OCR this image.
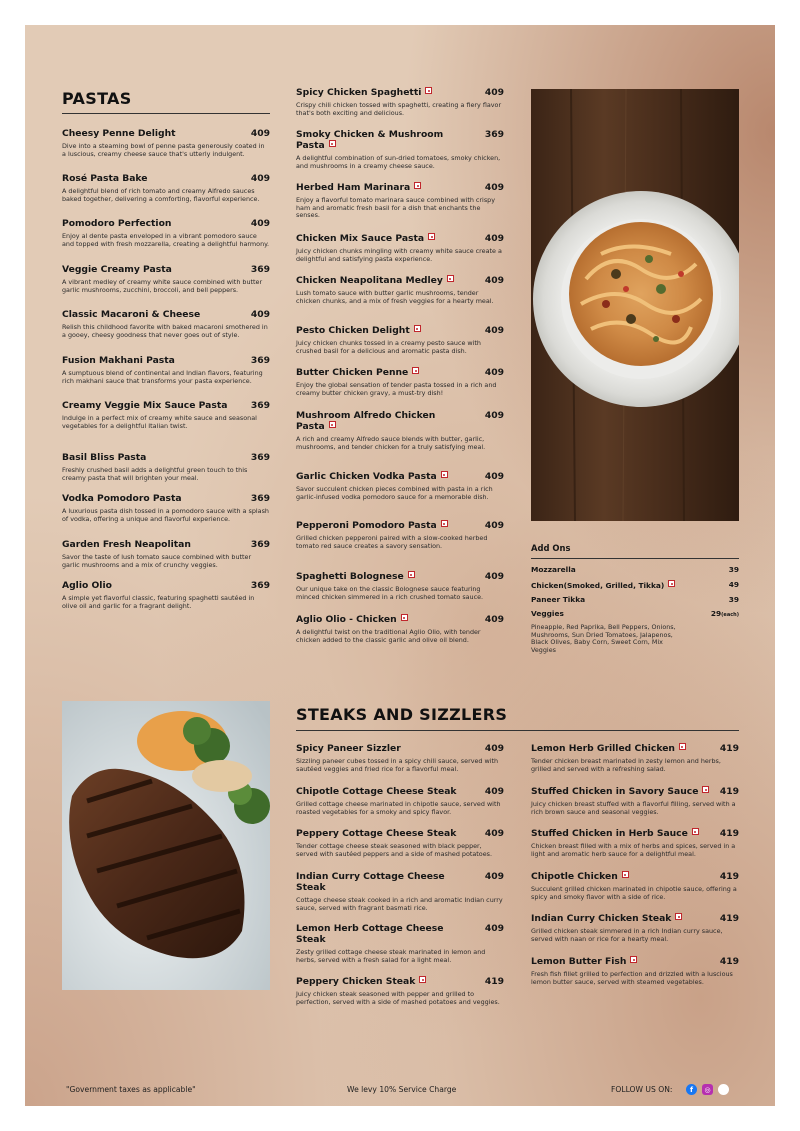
PASTAS
Cheesy Penne Delight	409
Dive into a steaming bowl of penne pasta generously coated in a luscious, creamy cheese sauce that's utterly indulgent.
Rosé Pasta Bake	409
A delightful blend of rich tomato and creamy Alfredo sauces baked together, delivering a comforting, flavorful experience.
Pomodoro Perfection	409
Enjoy al dente pasta enveloped in a vibrant pomodoro sauce and topped with fresh mozzarella, creating a delightful harmony.
Veggie Creamy Pasta	369
A vibrant medley of creamy white sauce combined with butter garlic mushrooms, zucchini, broccoli, and bell peppers.
Classic Macaroni & Cheese	409
Relish this childhood favorite with baked macaroni smothered in a gooey, cheesy goodness that never goes out of style.
Fusion Makhani Pasta	369
A sumptuous blend of continental and Indian flavors, featuring rich makhani sauce that transforms your pasta experience.
Creamy Veggie Mix Sauce Pasta	369
Indulge in a perfect mix of creamy white sauce and seasonal vegetables for a delightful Italian twist.
Basil Bliss Pasta	369
Freshly crushed basil adds a delightful green touch to this creamy pasta that will brighten your meal.
Vodka Pomodoro Pasta	369
A luxurious pasta dish tossed in a pomodoro sauce with a splash of vodka, offering a unique and flavorful experience.
Garden Fresh Neapolitan	369
Savor the taste of lush tomato sauce combined with butter garlic mushrooms and a mix of crunchy veggies.
Aglio Olio	369
A simple yet flavorful classic, featuring spaghetti sautéed in olive oil and garlic for a fragrant delight.
Spicy Chicken Spaghetti	409
Crispy chili chicken tossed with spaghetti, creating a fiery flavor that's both exciting and delicious.
Smoky Chicken & Mushroom Pasta
369
A delightful combination of sun-dried tomatoes, smoky chicken, and mushrooms in a creamy cheese sauce.
Herbed Ham Marinara	409
Enjoy a flavorful tomato marinara sauce combined with crispy ham and aromatic fresh basil for a dish that enchants the senses.
Chicken Mix Sauce Pasta	409
Juicy chicken chunks mingling with creamy white sauce create a delightful and satisfying pasta experience.
Chicken Neapolitana Medley	409
Lush tomato sauce with butter garlic mushrooms, tender chicken chunks, and a mix of fresh veggies for a hearty meal.
Pesto Chicken Delight	409
Juicy chicken chunks tossed in a creamy pesto sauce with crushed basil for a delicious and aromatic pasta dish.
Butter Chicken Penne	409
Enjoy the global sensation of tender pasta tossed in a rich and creamy butter chicken gravy, a must-try dish!
Mushroom Alfredo Chicken Pasta
409
A rich and creamy Alfredo sauce blends with butter, garlic, mushrooms, and tender chicken for a truly satisfying meal.
Garlic Chicken Vodka Pasta	409
Savor succulent chicken pieces combined with pasta in a rich garlic-infused vodka pomodoro sauce for a memorable dish.
Pepperoni Pomodoro Pasta	409
Grilled chicken pepperoni paired with a slow-cooked herbed tomato red sauce creates a savory sensation.
Spaghetti Bolognese	409
Our unique take on the classic Bolognese sauce featuring minced chicken simmered in a rich crushed tomato sauce.
Aglio Olio - Chicken	409
A delightful twist on the traditional Aglio Olio, with tender chicken added to the classic garlic and olive oil blend.
Add Ons
Mozzarella	39
Chicken(Smoked, Grilled, Tikka)	49
Paneer Tikka	39
Veggies	29(each)
Pineapple, Red Paprika, Bell Peppers, Onions, Mushrooms, Sun Dried Tomatoes, Jalapenos, Black Olives, Baby Corn, Sweet Corn, Mix Veggies
STEAKS AND SIZZLERS
Spicy Paneer Sizzler	409
Sizzling paneer cubes tossed in a spicy chili sauce, served with sautéed veggies and fried rice for a flavorful meal.
Chipotle Cottage Cheese Steak	409
Grilled cottage cheese marinated in chipotle sauce, served with roasted vegetables for a smoky and spicy flavor.
Peppery Cottage Cheese Steak	409
Tender cottage cheese steak seasoned with black pepper, served with sautéed peppers and a side of mashed potatoes.
Indian Curry Cottage Cheese Steak
409
Cottage cheese steak cooked in a rich and aromatic Indian curry sauce, served with fragrant basmati rice.
Lemon Herb Cottage Cheese Steak
409
Zesty grilled cottage cheese steak marinated in lemon and herbs, served with a fresh salad for a light meal.
Peppery Chicken Steak	419
Juicy chicken steak seasoned with pepper and grilled to perfection, served with a side of mashed potatoes and veggies.
Lemon Herb Grilled Chicken	419
Tender chicken breast marinated in zesty lemon and herbs, grilled and served with a refreshing salad.
Stuffed Chicken in Savory Sauce	419
Juicy chicken breast stuffed with a flavorful filling, served with a rich brown sauce and seasonal veggies.
Stuffed Chicken in Herb Sauce	419
Chicken breast filled with a mix of herbs and spices, served in a light and aromatic herb sauce for a delightful meal.
Chipotle Chicken	419
Succulent grilled chicken marinated in chipotle sauce, offering a spicy and smoky flavor with a side of rice.
Indian Curry Chicken Steak	419
Grilled chicken steak simmered in a rich Indian curry sauce, served with naan or rice for a hearty meal.
Lemon Butter Fish	419
Fresh fish fillet grilled to perfection and drizzled with a luscious lemon butter sauce, served with steamed vegetables.
"Government taxes as applicable"	We levy 10% Service Charge	FOLLOW US ON:	f	◎
